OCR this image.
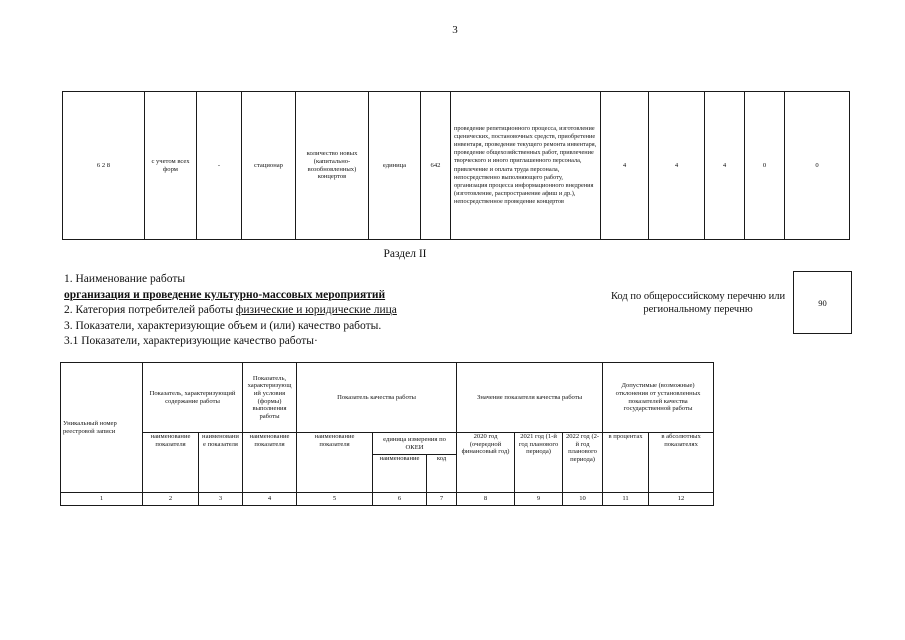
3
6 2 8	с учетом всех форм	-	стационар	количество новых (капитально-возобновленных) концертов	единица	642	проведение репетиционного процесса, изготовление сценических, постановочных средств, приобретение инвентаря, проведение текущего ремонта инвентаря, проведение общехозяйственных работ, привлечение творческого и иного приглашенного персонала, привлечение и оплата труда персонала, непосредственно выполняющего работу, организация процесса информационного внедрения (изготовление, распространение афиш и др.), непосредственное проведение концертов	4	4	4	0	0
Раздел II
1. Наименование работы
организация и проведение культурно-массовых мероприятий
2. Категория потребителей работы физические и юридические лица
3. Показатели, характеризующие объем и (или) качество работы.
3.1 Показатели, характеризующие качество работы·
Код по общероссийскому перечню или региональному перечню
90
Уникальный номер реестровой записи	Показатель, характеризующий содержание работы		Показатель, характеризующ ий условия (формы) выполнения работы	Показатель качества работы			Значение показателя качества работы			Допустимые (возможные) отклонения от установленных показателей качества государственной работы	
	наименование показателя	наименовани е показателя	наименование показателя	наименование показателя	единица измерения по ОКЕИ		2020 год (очередной финансовый год)	2021 год (1-й год планового периода)	2022 год (2-й год планового периода)	в процентах	в абсолютных показателях
					наименование	код					
1	2	3	4	5	6	7	8	9	10	11	12
